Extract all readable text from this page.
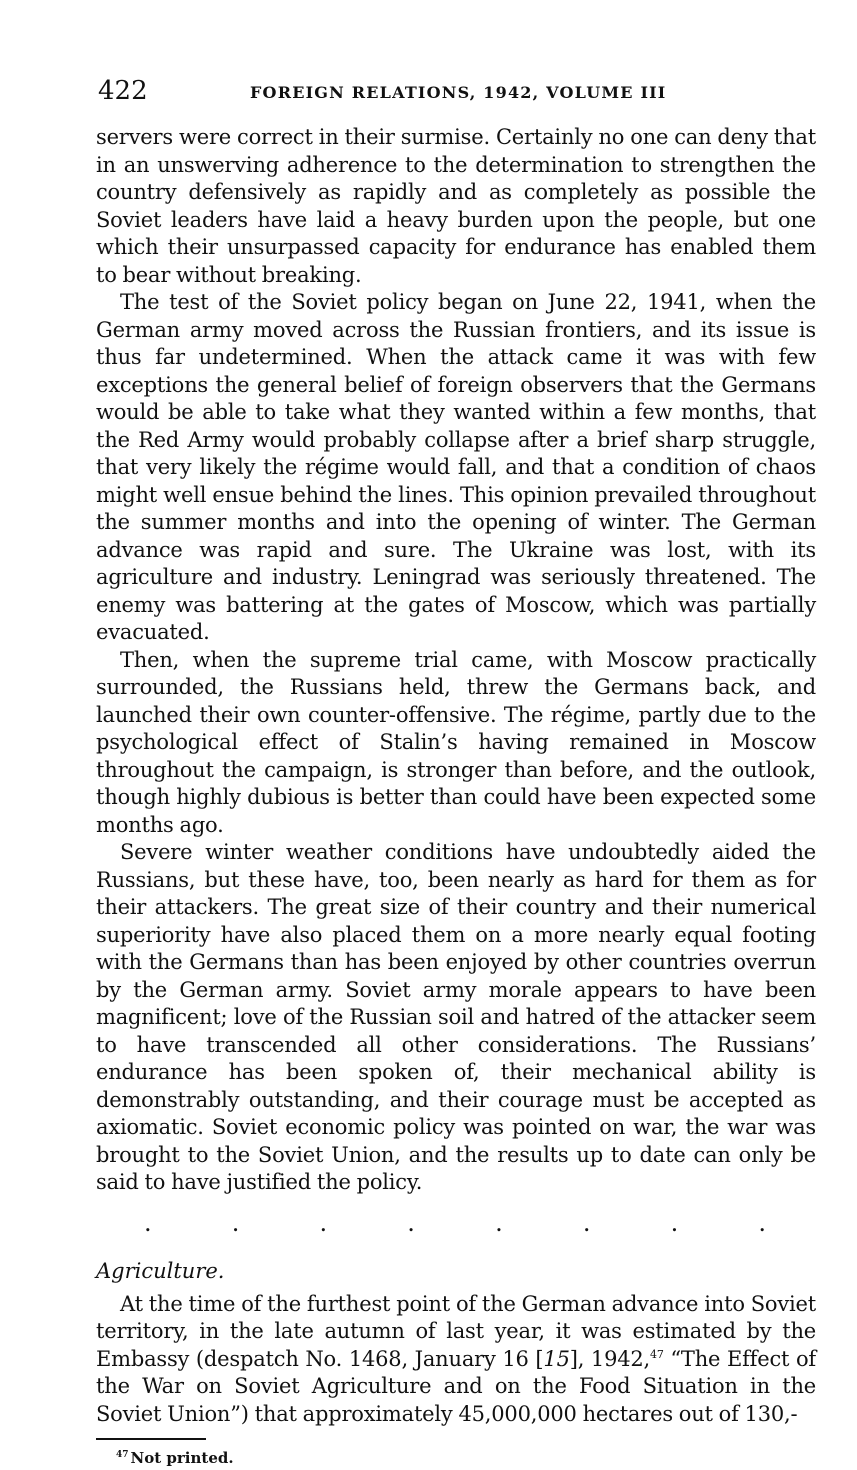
422	FOREIGN RELATIONS, 1942, VOLUME III

servers were correct in their surmise. Certainly no one can deny that in an unswerving adherence to the determination to strengthen the country defensively as rapidly and as completely as possible the Soviet leaders have laid a heavy burden upon the people, but one which their unsurpassed capacity for endurance has enabled them to bear without breaking.

The test of the Soviet policy began on June 22, 1941, when the German army moved across the Russian frontiers, and its issue is thus far undetermined. When the attack came it was with few exceptions the general belief of foreign observers that the Germans would be able to take what they wanted within a few months, that the Red Army would probably collapse after a brief sharp struggle, that very likely the régime would fall, and that a condition of chaos might well ensue behind the lines. This opinion prevailed throughout the summer months and into the opening of winter. The German advance was rapid and sure. The Ukraine was lost, with its agriculture and industry. Leningrad was seriously threatened. The enemy was battering at the gates of Moscow, which was partially evacuated.

Then, when the supreme trial came, with Moscow practically surrounded, the Russians held, threw the Germans back, and launched their own counter-offensive. The régime, partly due to the psychological effect of Stalin’s having remained in Moscow throughout the campaign, is stronger than before, and the outlook, though highly dubious is better than could have been expected some months ago.

Severe winter weather conditions have undoubtedly aided the Russians, but these have, too, been nearly as hard for them as for their attackers. The great size of their country and their numerical superiority have also placed them on a more nearly equal footing with the Germans than has been enjoyed by other countries overrun by the German army. Soviet army morale appears to have been magnificent; love of the Russian soil and hatred of the attacker seem to have transcended all other considerations. The Russians’ endurance has been spoken of, their mechanical ability is demonstrably outstanding, and their courage must be accepted as axiomatic. Soviet economic policy was pointed on war, the war was brought to the Soviet Union, and the results up to date can only be said to have justified the policy.

.	.	.	.	.	.	.	.
Agriculture.

At the time of the furthest point of the German advance into Soviet territory, in the late autumn of last year, it was estimated by the Embassy (despatch No. 1468, January 16 [15], 1942,47 “The Effect of the War on Soviet Agriculture and on the Food Situation in the Soviet Union”) that approximately 45,000,000 hectares out of 130,-

$^{47}$ Not printed.
